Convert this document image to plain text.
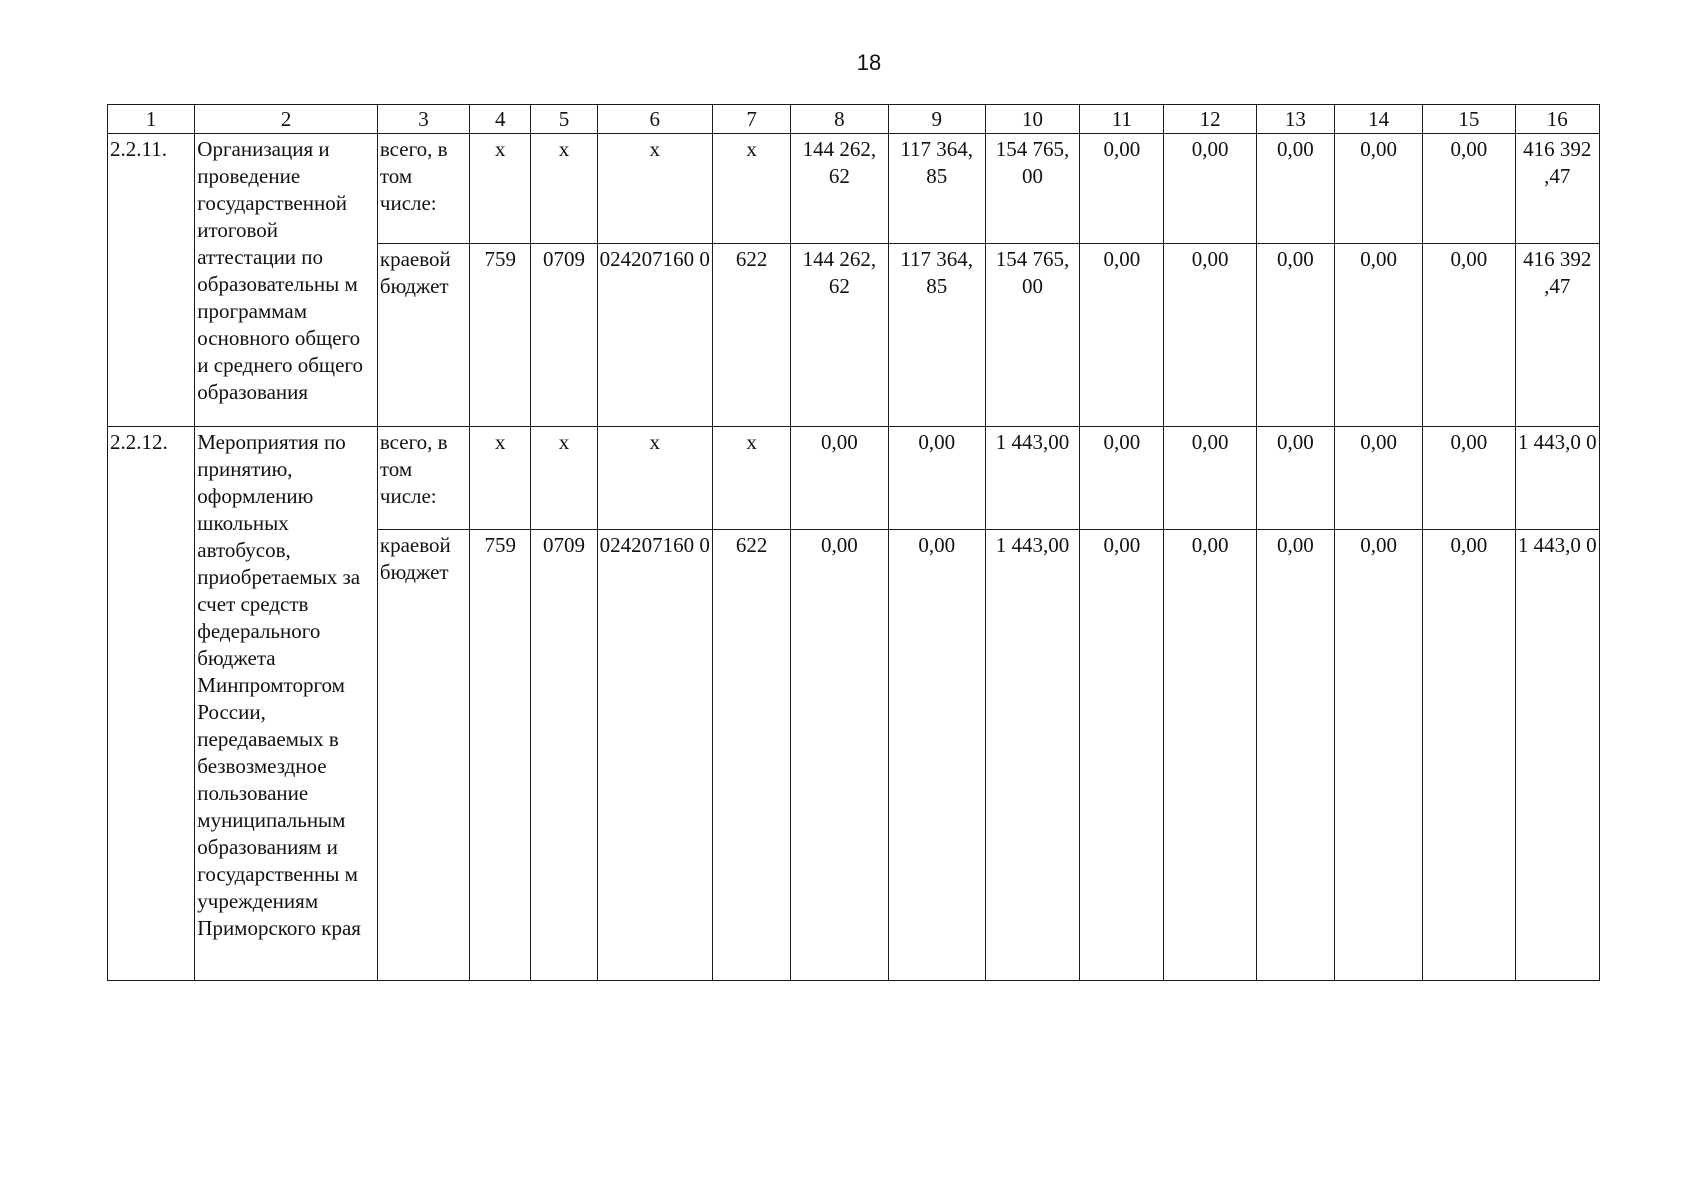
18
1	2	3	4	5	6	7	8	9	10	11	12	13	14	15	16
2.2.11.	Организация и проведение государственной итоговой аттестации по образовательны м программам основного общего и среднего общего образования	всего, в том числе:	х	х	х	х	144 262, 62	117 364, 85	154 765, 00	0,00	0,00	0,00	0,00	0,00	416 392 ,47
		краевой бюджет	759	0709	024207160 0	622	144 262, 62	117 364, 85	154 765, 00	0,00	0,00	0,00	0,00	0,00	416 392 ,47
2.2.12.	Мероприятия по принятию, оформлению школьных автобусов, приобретаемых за счет средств федерального бюджета Минпромторгом России, передаваемых в безвозмездное пользование муниципальным образованиям и государственны м учреждениям Приморского края	всего, в том числе:	х	х	х	х	0,00	0,00	1 443,00	0,00	0,00	0,00	0,00	0,00	1 443,0 0
		краевой бюджет	759	0709	024207160 0	622	0,00	0,00	1 443,00	0,00	0,00	0,00	0,00	0,00	1 443,0 0
